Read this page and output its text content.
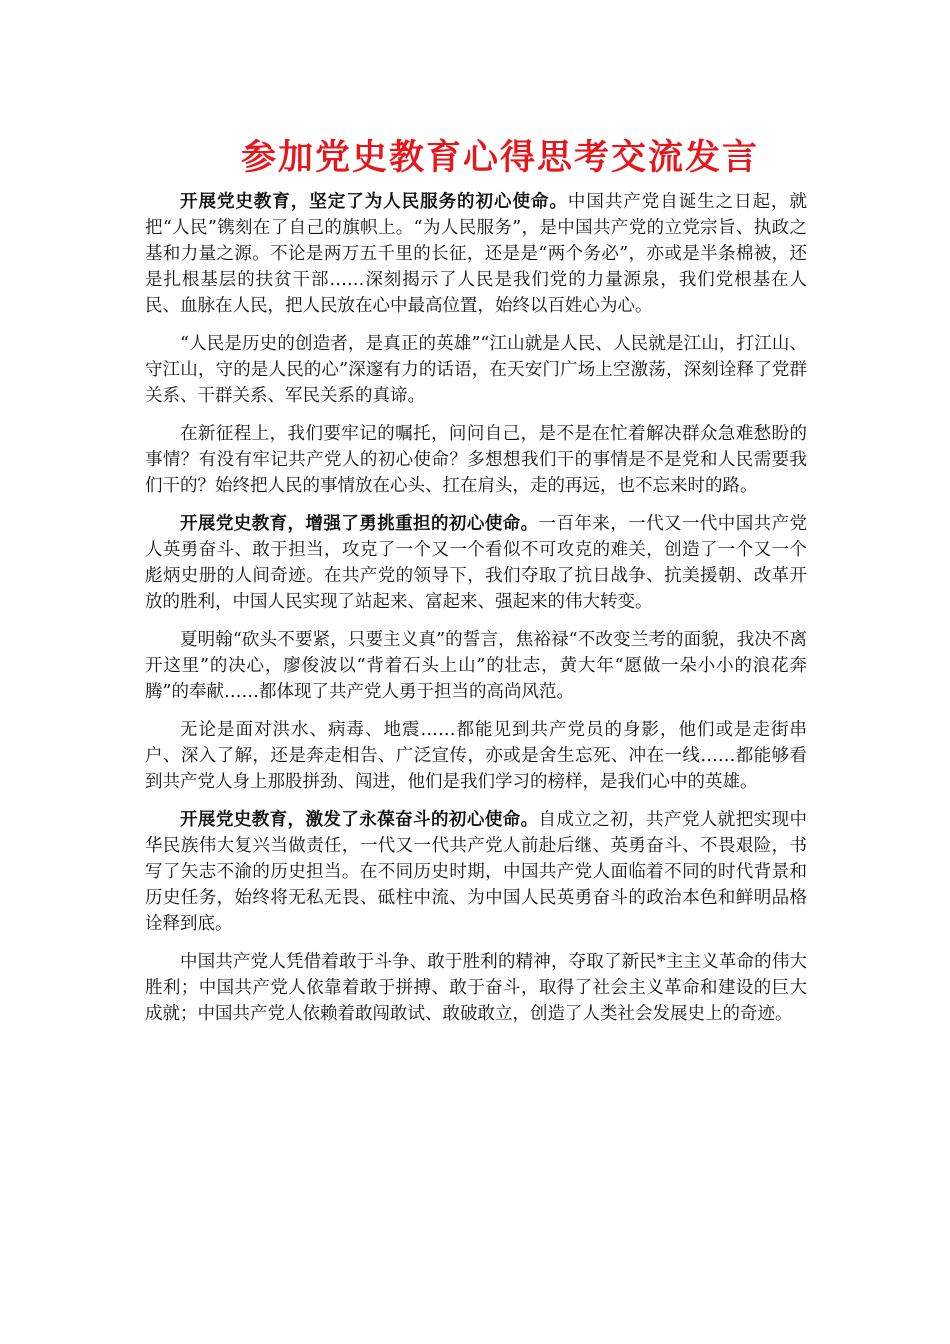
参加党史教育心得思考交流发言

开展党史教育，坚定了为人民服务的初心使命。中国共产党自诞生之日起，就把“人民”镌刻在了自己的旗帜上。“为人民服务”，是中国共产党的立党宗旨、执政之基和力量之源。不论是两万五千里的长征，还是是“两个务必”，亦或是半条棉被，还是扎根基层的扶贫干部……深刻揭示了人民是我们党的力量源泉，我们党根基在人民、血脉在人民，把人民放在心中最高位置，始终以百姓心为心。

“人民是历史的创造者，是真正的英雄”“江山就是人民、人民就是江山，打江山、守江山，守的是人民的心”深邃有力的话语，在天安门广场上空激荡，深刻诠释了党群关系、干群关系、军民关系的真谛。

在新征程上，我们要牢记的嘱托，问问自己，是不是在忙着解决群众急难愁盼的事情？有没有牢记共产党人的初心使命？多想想我们干的事情是不是党和人民需要我们干的？始终把人民的事情放在心头、扛在肩头，走的再远，也不忘来时的路。

开展党史教育，增强了勇挑重担的初心使命。一百年来，一代又一代中国共产党人英勇奋斗、敢于担当，攻克了一个又一个看似不可攻克的难关，创造了一个又一个彪炳史册的人间奇迹。在共产党的领导下，我们夺取了抗日战争、抗美援朝、改革开放的胜利，中国人民实现了站起来、富起来、强起来的伟大转变。

夏明翰“砍头不要紧，只要主义真”的誓言，焦裕禄“不改变兰考的面貌，我决不离开这里”的决心，廖俊波以“背着石头上山”的壮志，黄大年“愿做一朵小小的浪花奔腾”的奉献……都体现了共产党人勇于担当的高尚风范。

无论是面对洪水、病毒、地震……都能见到共产党员的身影，他们或是走街串户、深入了解，还是奔走相告、广泛宣传，亦或是舍生忘死、冲在一线……都能够看到共产党人身上那股拼劲、闯进，他们是我们学习的榜样，是我们心中的英雄。

开展党史教育，激发了永葆奋斗的初心使命。自成立之初，共产党人就把实现中华民族伟大复兴当做责任，一代又一代共产党人前赴后继、英勇奋斗、不畏艰险，书写了矢志不渝的历史担当。在不同历史时期，中国共产党人面临着不同的时代背景和历史任务，始终将无私无畏、砥柱中流、为中国人民英勇奋斗的政治本色和鲜明品格诠释到底。

中国共产党人凭借着敢于斗争、敢于胜利的精神，夺取了新民*主主义革命的伟大胜利；中国共产党人依靠着敢于拼搏、敢于奋斗，取得了社会主义革命和建设的巨大成就；中国共产党人依赖着敢闯敢试、敢破敢立，创造了人类社会发展史上的奇迹。
